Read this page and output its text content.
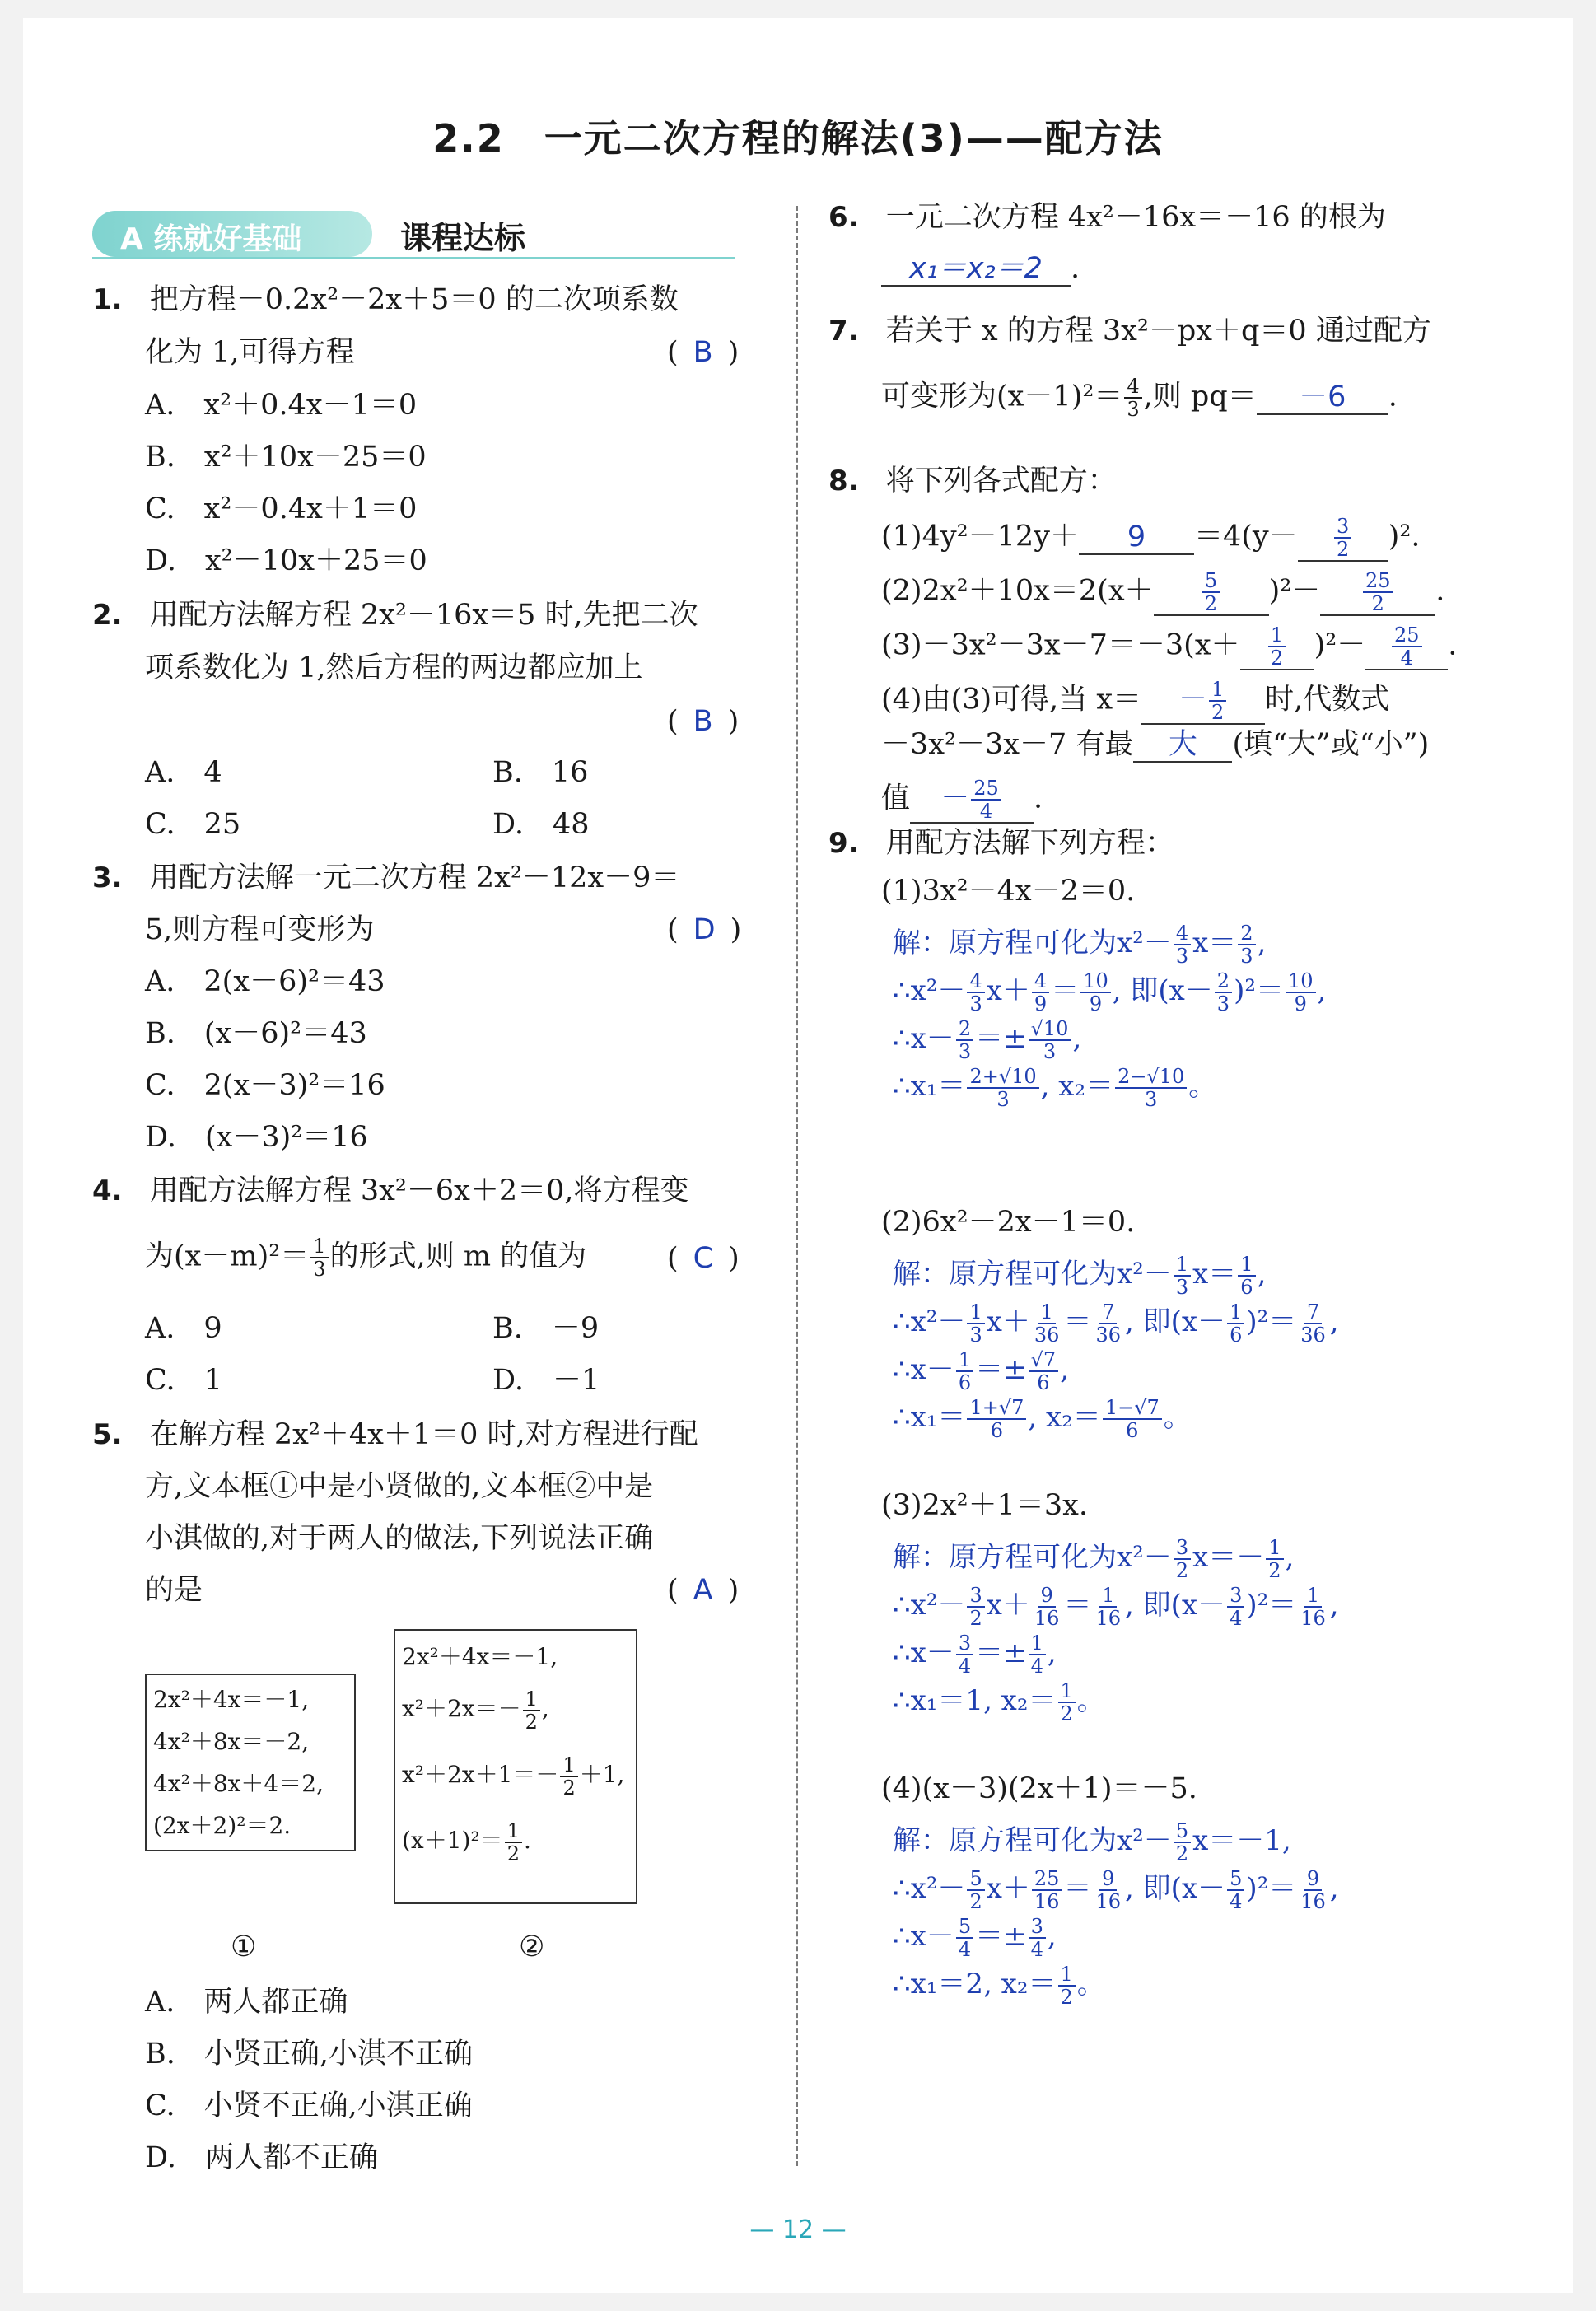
2.2　一元二次方程的解法(3)——配方法
A 练就好基础	课程达标
1. 把方程－0.2x²－2x＋5＝0 的二次项系数
化为 1,可得方程	( B )
A.　x²＋0.4x－1＝0
B.　x²＋10x－25＝0
C.　x²－0.4x＋1＝0
D.　x²－10x＋25＝0
2. 用配方法解方程 2x²－16x＝5 时,先把二次
项系数化为 1,然后方程的两边都应加上
( B )
A.　4	B.　16
C.　25	D.　48
3. 用配方法解一元二次方程 2x²－12x－9＝
5,则方程可变形为	( D )
A.　2(x－6)²＝43
B.　(x－6)²＝43
C.　2(x－3)²＝16
D.　(x－3)²＝16
4. 用配方法解方程 3x²－6x＋2＝0,将方程变
为$(x-m)^2= \frac{1}{3}$ 的形式,则 m 的值为	( C )
A.　9	B.　－9
C.　1	D.　－1
5. 在解方程 2x²＋4x＋1＝0 时,对方程进行配
方,文本框①中是小贤做的,文本框②中是
小淇做的,对于两人的做法,下列说法正确
的是	( A )
2x²＋4x＝－1,
4x²＋8x＝－2,
4x²＋8x＋4＝2,
(2x＋2)²＝2.
2x²＋4x＝－1,
$x^2+2x=- \frac{1}{2}$ ,
$x^2+2x+1=- \frac{1}{2} +1$,
$(x+1)^2= \frac{1}{2}$ .
①	②
A.　两人都正确
B.　小贤正确,小淇不正确
C.　小贤不正确,小淇正确
D.　两人都不正确
6. 一元二次方程 4x²－16x＝－16 的根为
x₁＝x₂＝2 .
7. 若关于 x 的方程 3x²－px＋q＝0 通过配方
可变形为$(x-1)^2= \frac{4}{3}$ ,则 pq＝ －6 .
8. 将下列各式配方：
$(1)4y^2-12y+ 9 =4(y- \frac{3}{2} )^2$.
$(2)2x^2+10x=2(x+ \frac{5}{2} )^2- \frac{25}{2}$ .
$(3)-3x^2-3x-7=-3(x+ \frac{1}{2} )^2- \frac{25}{4}$ .
(4)由(3)可得,当 $x= - \frac{1}{2}$ 时,代数式
－3x²－3x－7 有最 大 (填“大”或“小”)
值 － $\frac{25}{4}$ .
9. 用配方法解下列方程：
(1)3x²－4x－2＝0.
解：原方程可化为$x^2- \frac{4}{3} x= \frac{2}{3}$ ,
∴x²－ $\frac{4}{3} x+ \frac{4}{9} = \frac{10}{9}$ , 即$(x- \frac{2}{3} )^2= \frac{10}{9}$ ,
∴x－ $\frac{2}{3} =\pm \frac{√10}{3}$ ,
∴x₁＝ $\frac{2+√10}{3}$ , $x_2= \frac{2-√10}{3}$ 。
(2)6x²－2x－1＝0.
解：原方程可化为$x^2- \frac{1}{3} x= \frac{1}{6}$ ,
∴x²－ $\frac{1}{3} x+ \frac{1}{36} = \frac{7}{36}$ , 即$(x- \frac{1}{6} )^2= \frac{7}{36}$ ,
∴x－ $\frac{1}{6} =\pm \frac{√7}{6}$ ,
∴x₁＝ $\frac{1+√7}{6}$ , $x_2= \frac{1-√7}{6}$ 。
(3)2x²＋1＝3x.
解：原方程可化为$x^2- \frac{3}{2} x=- \frac{1}{2}$ ,
∴x²－ $\frac{3}{2} x+ \frac{9}{16} = \frac{1}{16}$ , 即$(x- \frac{3}{4} )^2= \frac{1}{16}$ ,
∴x－ $\frac{3}{4} =\pm \frac{1}{4}$ ,
∴x₁＝1, $x_2= \frac{1}{2}$ 。
(4)(x－3)(2x＋1)＝－5.
解：原方程可化为$x^2- \frac{5}{2} x=-1$,
∴x²－ $\frac{5}{2} x+ \frac{25}{16} = \frac{9}{16}$ , 即$(x- \frac{5}{4} )^2= \frac{9}{16}$ ,
∴x－ $\frac{5}{4} =\pm \frac{3}{4}$ ,
∴x₁＝2, $x_2= \frac{1}{2}$ 。
— 12 —
